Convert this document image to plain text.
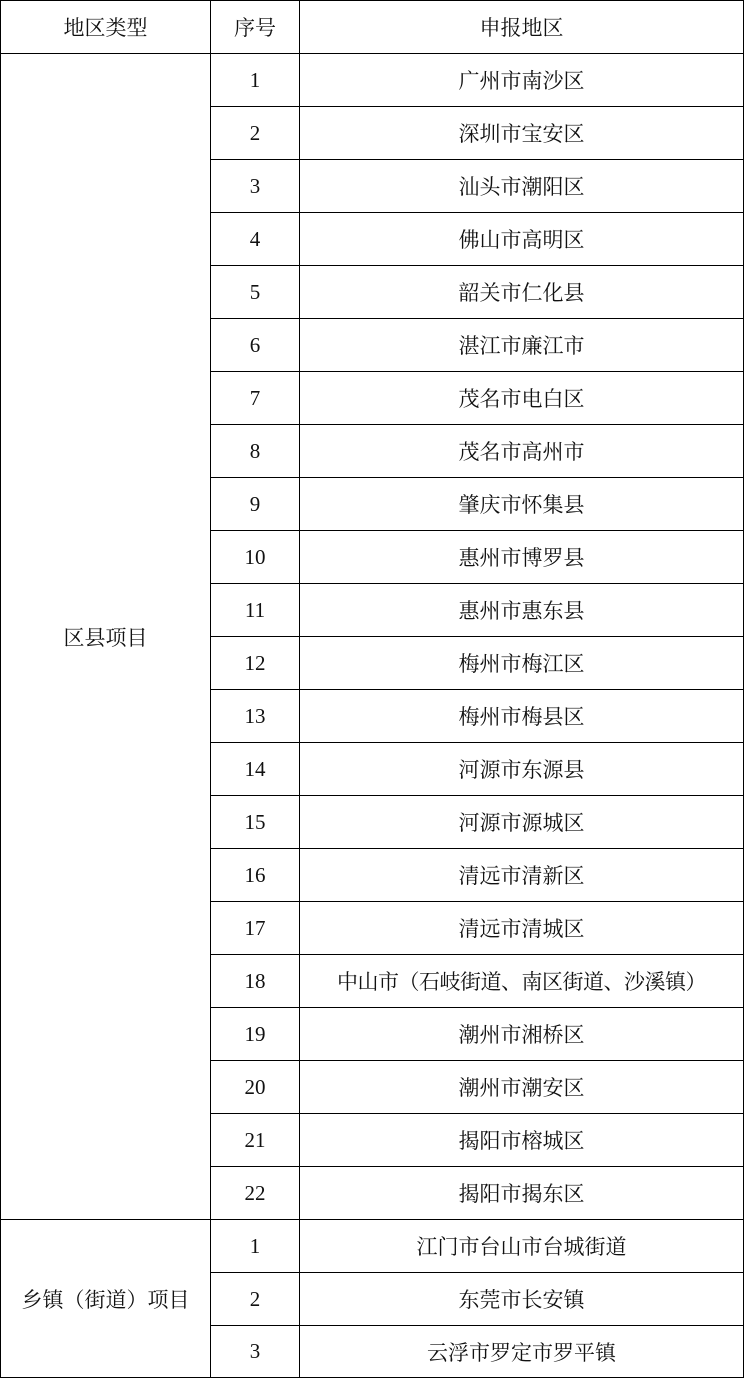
地区类型	序号	申报地区
区县项目	1	广州市南沙区
	2	深圳市宝安区
	3	汕头市潮阳区
	4	佛山市高明区
	5	韶关市仁化县
	6	湛江市廉江市
	7	茂名市电白区
	8	茂名市高州市
	9	肇庆市怀集县
	10	惠州市博罗县
	11	惠州市惠东县
	12	梅州市梅江区
	13	梅州市梅县区
	14	河源市东源县
	15	河源市源城区
	16	清远市清新区
	17	清远市清城区
	18	中山市（石岐街道、南区街道、沙溪镇）
	19	潮州市湘桥区
	20	潮州市潮安区
	21	揭阳市榕城区
	22	揭阳市揭东区
乡镇（街道）项目	1	江门市台山市台城街道
	2	东莞市长安镇
	3	云浮市罗定市罗平镇
